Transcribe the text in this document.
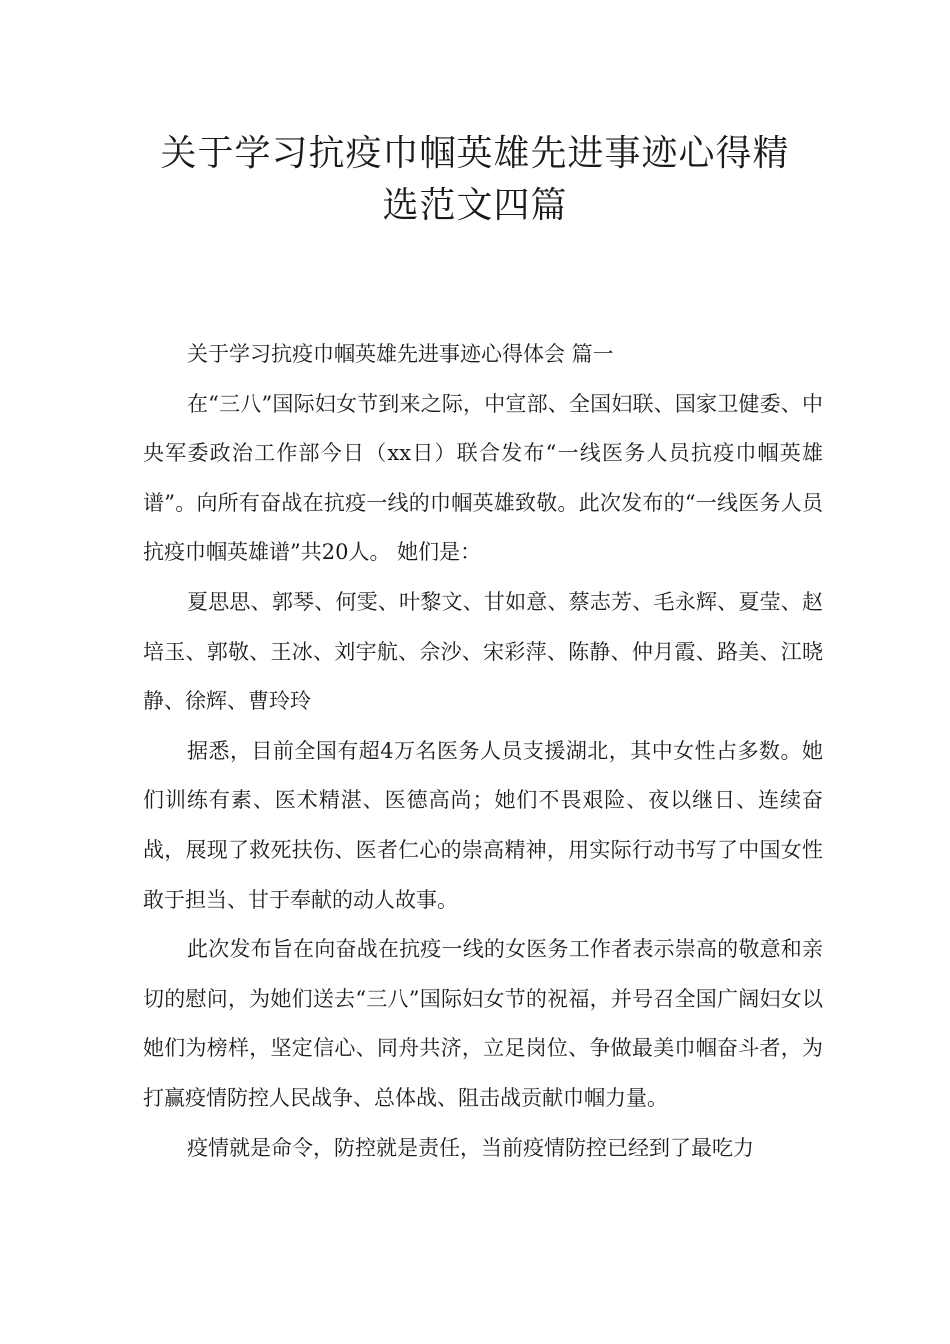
关于学习抗疫巾帼英雄先进事迹心得精
选范文四篇

关于学习抗疫巾帼英雄先进事迹心得体会 篇一

在“三八”国际妇女节到来之际，中宣部、全国妇联、国家卫健委、中央军委政治工作部今日（xx日）联合发布“一线医务人员抗疫巾帼英雄谱”。向所有奋战在抗疫一线的巾帼英雄致敬。此次发布的“一线医务人员抗疫巾帼英雄谱”共20人。 她们是：

夏思思、郭琴、何雯、叶黎文、甘如意、蔡志芳、毛永辉、夏莹、赵培玉、郭敬、王冰、刘宇航、佘沙、宋彩萍、陈静、仲月霞、路美、江晓静、徐辉、曹玲玲

据悉，目前全国有超4万名医务人员支援湖北，其中女性占多数。她们训练有素、医术精湛、医德高尚；她们不畏艰险、夜以继日、连续奋战，展现了救死扶伤、医者仁心的崇高精神，用实际行动书写了中国女性敢于担当、甘于奉献的动人故事。

此次发布旨在向奋战在抗疫一线的女医务工作者表示崇高的敬意和亲切的慰问，为她们送去“三八”国际妇女节的祝福，并号召全国广阔妇女以她们为榜样，坚定信心、同舟共济，立足岗位、争做最美巾帼奋斗者，为打赢疫情防控人民战争、总体战、阻击战贡献巾帼力量。

疫情就是命令，防控就是责任，当前疫情防控已经到了最吃力
